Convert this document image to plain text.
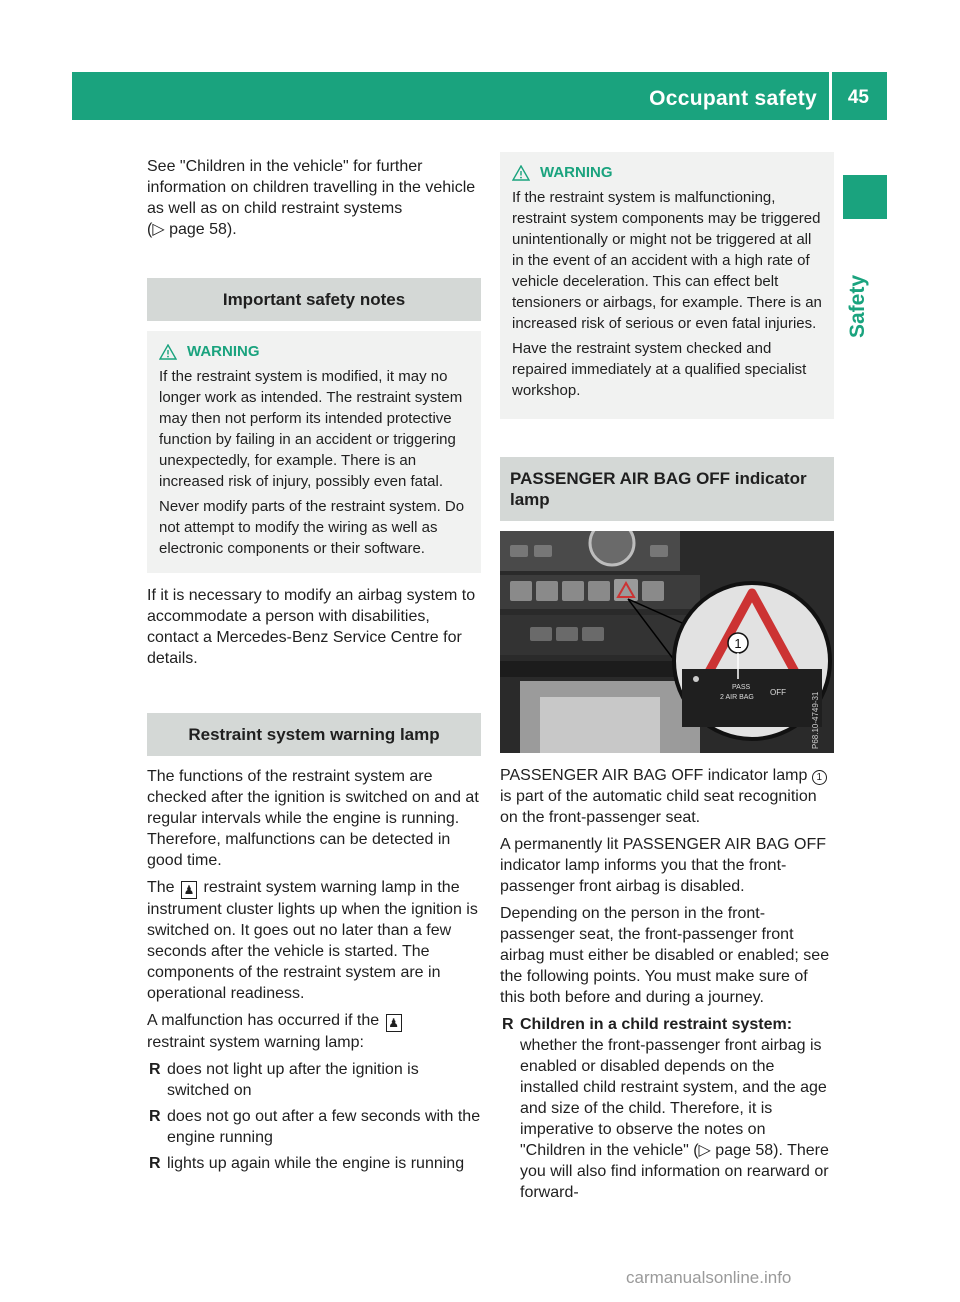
Occupant safety 45
Safety

See "Children in the vehicle" for further information on children travelling in the vehicle as well as on child restraint systems
(▷ page 58).

Important safety notes
WARNING

If the restraint system is modified, it may no longer work as intended. The restraint system may then not perform its intended protective function by failing in an accident or triggering unexpectedly, for example. There is an increased risk of injury, possibly even fatal.

Never modify parts of the restraint system. Do not attempt to modify the wiring as well as electronic components or their software.

If it is necessary to modify an airbag system to accommodate a person with disabilities, contact a Mercedes-Benz Service Centre for details.

Restraint system warning lamp

The functions of the restraint system are checked after the ignition is switched on and at regular intervals while the engine is running. Therefore, malfunctions can be detected in good time.

The ♟ restraint system warning lamp in the instrument cluster lights up when the ignition is switched on. It goes out no later than a few seconds after the vehicle is started. The components of the restraint system are in operational readiness.

A malfunction has occurred if the ♟
restraint system warning lamp:

R does not light up after the ignition is switched on
R does not go out after a few seconds with the engine running
R lights up again while the engine is running
WARNING

If the restraint system is malfunctioning, restraint system components may be triggered unintentionally or might not be triggered at all in the event of an accident with a high rate of vehicle deceleration. This can effect belt tensioners or airbags, for example. There is an increased risk of serious or even fatal injuries.

Have the restraint system checked and repaired immediately at a qualified specialist workshop.

PASSENGER AIR BAG OFF indicator lamp
1
PASS
2 AIR BAG
OFF	P68.10-4749-31

PASSENGER AIR BAG OFF indicator lamp 1 is part of the automatic child seat recognition on the front-passenger seat.

A permanently lit PASSENGER AIR BAG OFF indicator lamp informs you that the front-passenger front airbag is disabled.

Depending on the person in the front-passenger seat, the front-passenger front airbag must either be disabled or enabled; see the following points. You must make sure of this both before and during a journey.

R Children in a child restraint system:
whether the front-passenger front airbag is enabled or disabled depends on the installed child restraint system, and the age and size of the child. Therefore, it is imperative to observe the notes on "Children in the vehicle" (▷ page 58). There you will also find information on rearward or forward-
carmanualsonline.info
